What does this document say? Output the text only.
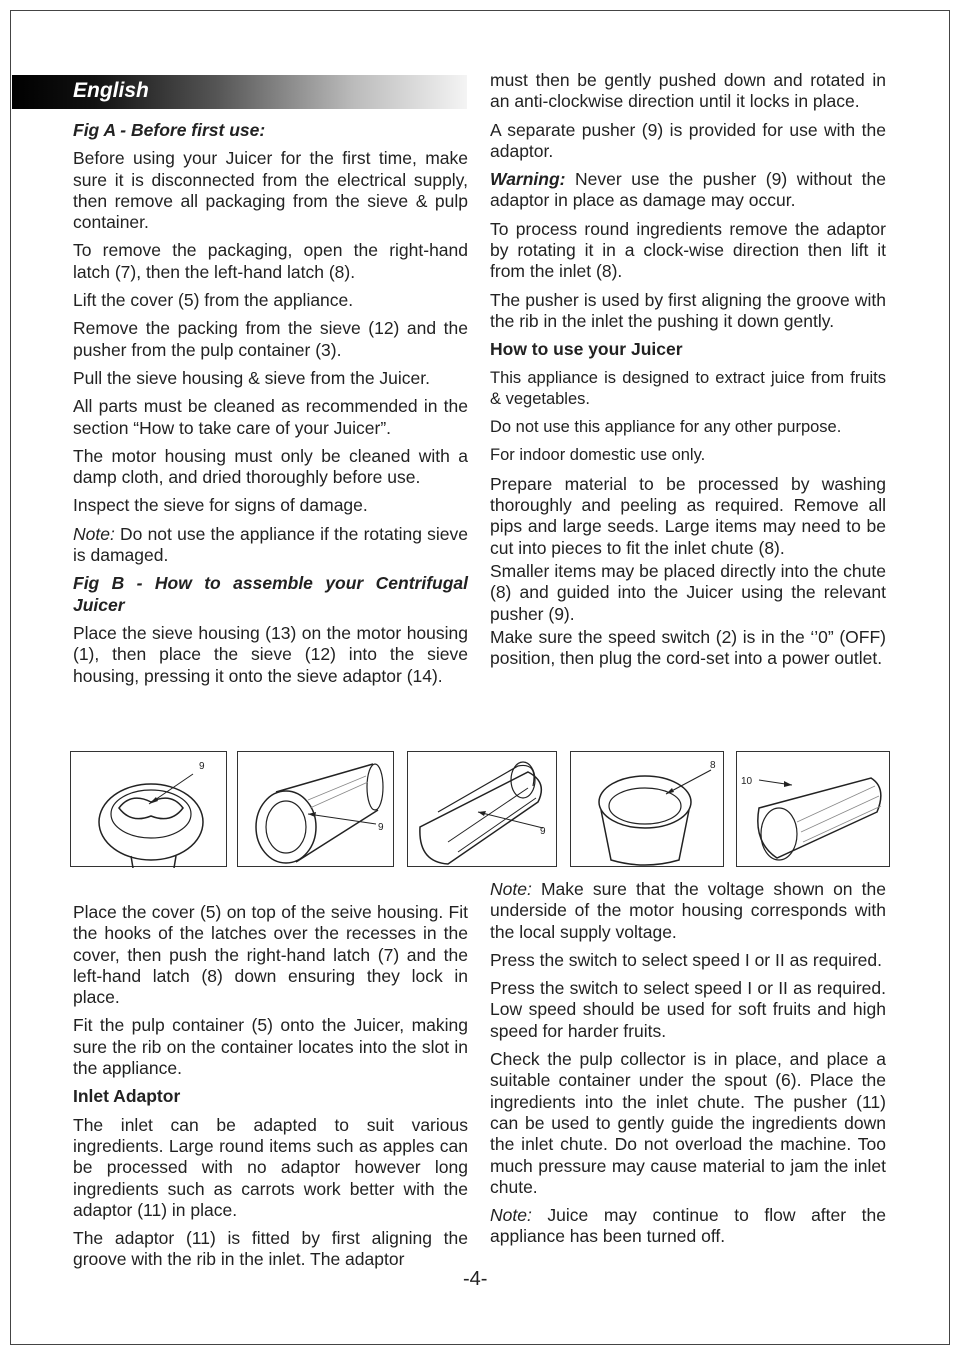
English

Fig A - Before first use:

Before using your Juicer for the first time, make sure it is disconnected from the electrical supply, then remove all packaging from the sieve & pulp container.

To remove the packaging, open the right-hand latch (7), then the left-hand latch (8).

Lift the cover (5) from the appliance.

Remove the packing from the sieve (12) and the pusher from the pulp container (3).

Pull the sieve housing & sieve from the Juicer.

All parts must be cleaned as recommended in the section “How to take care of your Juicer”.

The motor housing must only be cleaned with a damp cloth, and dried thoroughly before use.

Inspect the sieve for signs of damage.

Note: Do not use the appliance if the rotating sieve is damaged.

Fig B - How to assemble your Centrifugal Juicer

Place the sieve housing (13) on the motor housing (1), then place the sieve (12) into the sieve housing, pressing it onto the sieve adaptor (14).

must then be gently pushed down and rotated in an anti-clockwise direction until it locks in place.

A separate pusher (9) is provided for use with the adaptor.

Warning: Never use the pusher (9) without the adaptor in place as damage may occur.

To process round ingredients remove the adaptor by rotating it in a clock-wise direction then lift it from the inlet (8).

The pusher is used by first aligning the groove with the rib in the inlet the pushing it down gently.

How to use your Juicer

This appliance is designed to extract juice from fruits & vegetables.

Do not use this appliance for any other purpose.

For indoor domestic use only.

Prepare material to be processed by washing thoroughly and peeling as required. Remove all pips and large seeds. Large items may need to be cut into pieces to fit the inlet chute (8).

Smaller items may be placed directly into the chute (8) and guided into the Juicer using the relevant pusher (9).

Make sure the speed switch (2) is in the ‘’0” (OFF) position, then plug the cord-set into a power outlet.

9
9	9
8
10

Place the cover (5) on top of the seive housing. Fit the hooks of the latches over the recesses in the cover, then push the right-hand latch (7) and the left-hand latch (8) down ensuring they lock in place.

Fit the pulp container (5) onto the Juicer, making sure the rib on the container locates into the slot in the appliance.

Inlet Adaptor

The inlet can be adapted to suit various ingredients. Large round items such as apples can be processed with no adaptor however long ingredients such as carrots work better with the adaptor (11) in place.

The adaptor (11) is fitted by first aligning the groove with the rib in the inlet. The adaptor

Note: Make sure that the voltage shown on the underside of the motor housing corresponds with the local supply voltage.

Press the switch to select speed I or II as required.

Press the switch to select speed I or II as required. Low speed should be used for soft fruits and high speed for harder fruits.

Check the pulp collector is in place, and place a suitable container under the spout (6). Place the ingredients into the inlet chute. The pusher (11) can be used to gently guide the ingredients down the inlet chute. Do not overload the machine. Too much pressure may cause material to jam the inlet chute.

Note: Juice may continue to flow after the appliance has been turned off.

-4-
